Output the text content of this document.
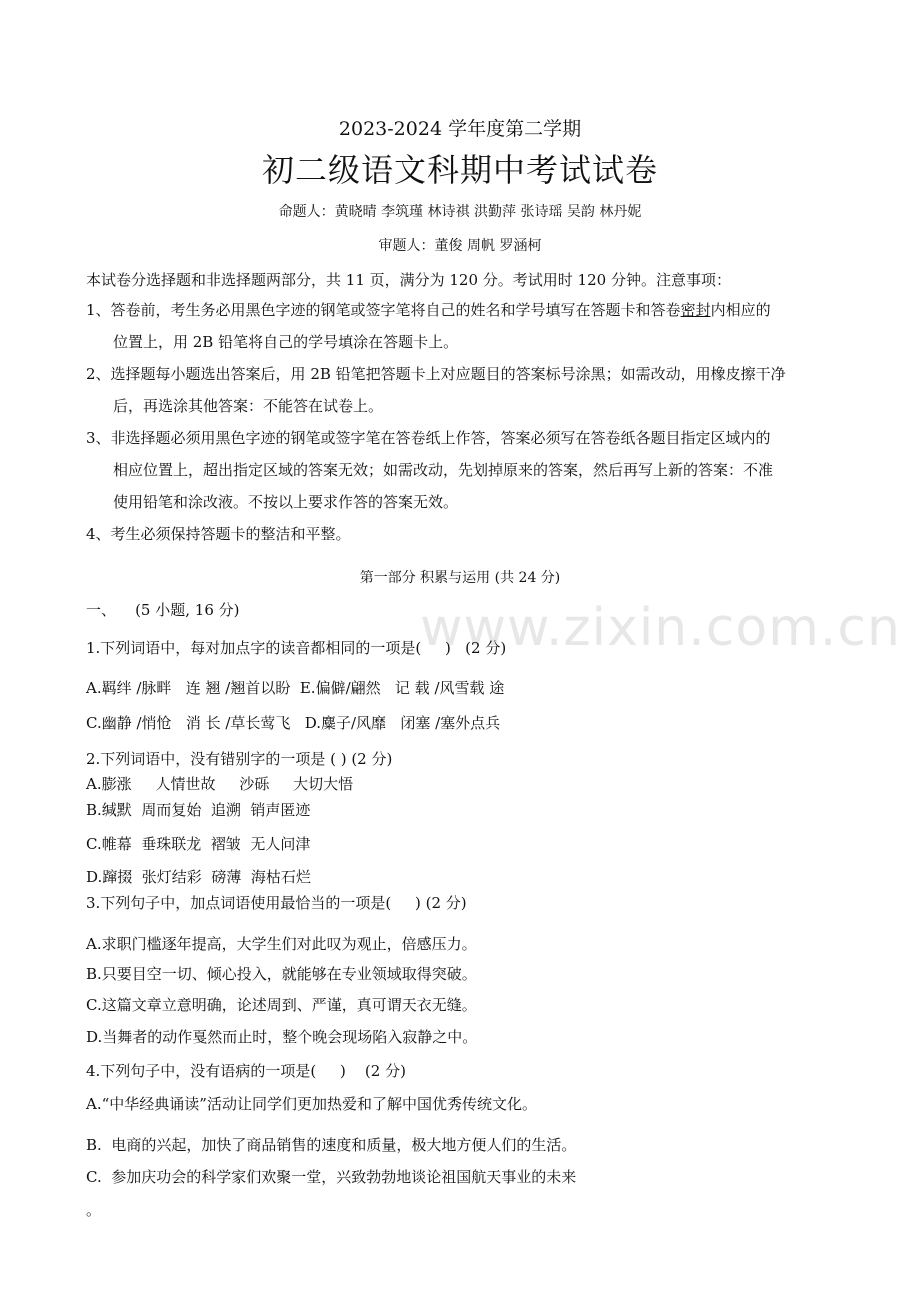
www.zixin.com.cn
2023-2024 学年度第二学期
初二级语文科期中考试试卷
命题人：黄晓晴 李筑瑾 林诗祺 洪勤萍 张诗瑶 吴韵 林丹妮
审题人：董俊 周帆 罗涵柯
本试卷分选择题和非选择题两部分，共 11 页，满分为 120 分。考试用时 120 分钟。注意事项：
1、答卷前，考生务必用黑色字迹的钢笔或签字笔将自己的姓名和学号填写在答题卡和答卷密封内相应的
位置上，用 2B 铅笔将自己的学号填涂在答题卡上。
2、选择题每小题选出答案后，用 2B 铅笔把答题卡上对应题目的答案标号涂黑；如需改动，用橡皮擦干净
后，再选涂其他答案：不能答在试卷上。
3、非选择题必须用黑色字迹的钢笔或签字笔在答卷纸上作答，答案必须写在答卷纸各题目指定区域内的
相应位置上，超出指定区域的答案无效；如需改动，先划掉原来的答案，然后再写上新的答案：不准
使用铅笔和涂改液。不按以上要求作答的答案无效。
4、考生必须保持答题卡的整洁和平整。
第一部分 积累与运用 (共 24 分)
一、    (5 小题, 16 分)
1.下列词语中，每对加点字的读音都相同的一项是(     )   (2 分)
A.羁绊 /脉畔   连 翘 /翘首以盼  E.偏僻/翩然   记 载 /风雪载 途
C.幽静 /悄怆   消 长 /草长莺飞   D.麋子/风靡   闭塞 /塞外点兵
2.下列词语中，没有错别字的一项是 ( ) (2 分)
A.膨涨     人情世故     沙砾     大切大悟
B.缄默  周而复始  追溯  销声匿迹
C.帷幕  垂珠联龙  褶皱  无人问津
D.蹿掇  张灯结彩  磅薄  海枯石烂
3.下列句子中，加点词语使用最恰当的一项是(     ) (2 分)
A.求职门槛逐年提高，大学生们对此叹为观止，倍感压力。
B.只要目空一切、倾心投入，就能够在专业领域取得突破。
C.这篇文章立意明确，论述周到、严谨，真可谓天衣无缝。
D.当舞者的动作戛然而止时，整个晚会现场陷入寂静之中。
4.下列句子中，没有语病的一项是(     )    (2 分)
A.“中华经典诵读”活动让同学们更加热爱和了解中国优秀传统文化。
B.  电商的兴起，加快了商品销售的速度和质量，极大地方便人们的生活。
C.  参加庆功会的科学家们欢聚一堂，兴致勃勃地谈论祖国航天事业的未来
。
